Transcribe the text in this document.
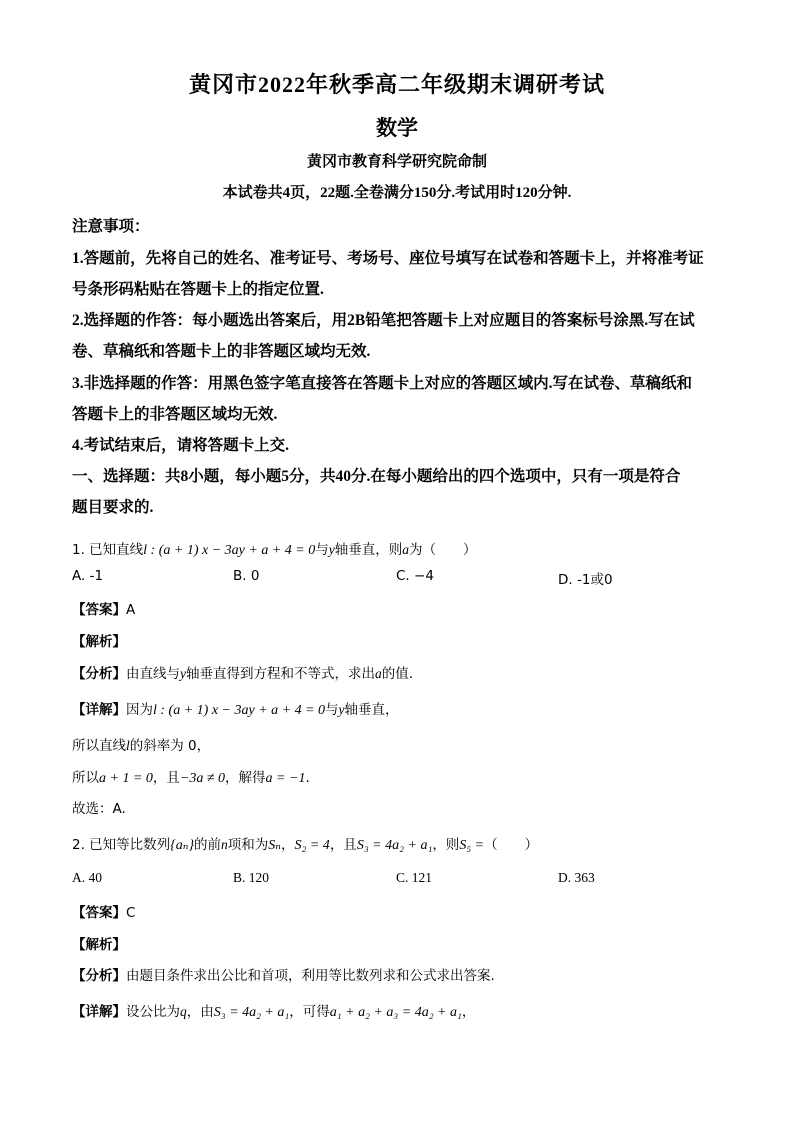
黄冈市2022年秋季高二年级期末调研考试
数学
黄冈市教育科学研究院命制
本试卷共4页，22题.全卷满分150分.考试用时120分钟.
注意事项：
1.答题前，先将自己的姓名、准考证号、考场号、座位号填写在试卷和答题卡上，并将准考证
号条形码粘贴在答题卡上的指定位置.
2.选择题的作答：每小题选出答案后，用2B铅笔把答题卡上对应题目的答案标号涂黑.写在试
卷、草稿纸和答题卡上的非答题区域均无效.
3.非选择题的作答：用黑色签字笔直接答在答题卡上对应的答题区域内.写在试卷、草稿纸和
答题卡上的非答题区域均无效.
4.考试结束后，请将答题卡上交.
一、选择题：共8小题，每小题5分，共40分.在每小题给出的四个选项中，只有一项是符合
题目要求的.
1. 已知直线l : (a + 1) x − 3ay + a + 4 = 0与y轴垂直，则a为（　　）
A. -1	B. 0	C. −4	D. -1或0
【答案】A
【解析】
【分析】由直线与y轴垂直得到方程和不等式，求出a的值.
【详解】因为l : (a + 1) x − 3ay + a + 4 = 0与y轴垂直，
所以直线l的斜率为 0，
所以a + 1 = 0，且−3a ≠ 0，解得a = −1.
故选：A.
2. 已知等比数列{aₙ}的前n项和为Sₙ，S₂ = 4，且S₃ = 4a₂ + a₁，则S₅ =（　　）
A. 40	B. 120	C. 121	D. 363
【答案】C
【解析】
【分析】由题目条件求出公比和首项，利用等比数列求和公式求出答案.
【详解】设公比为q，由S₃ = 4a₂ + a₁，可得a₁ + a₂ + a₃ = 4a₂ + a₁，
